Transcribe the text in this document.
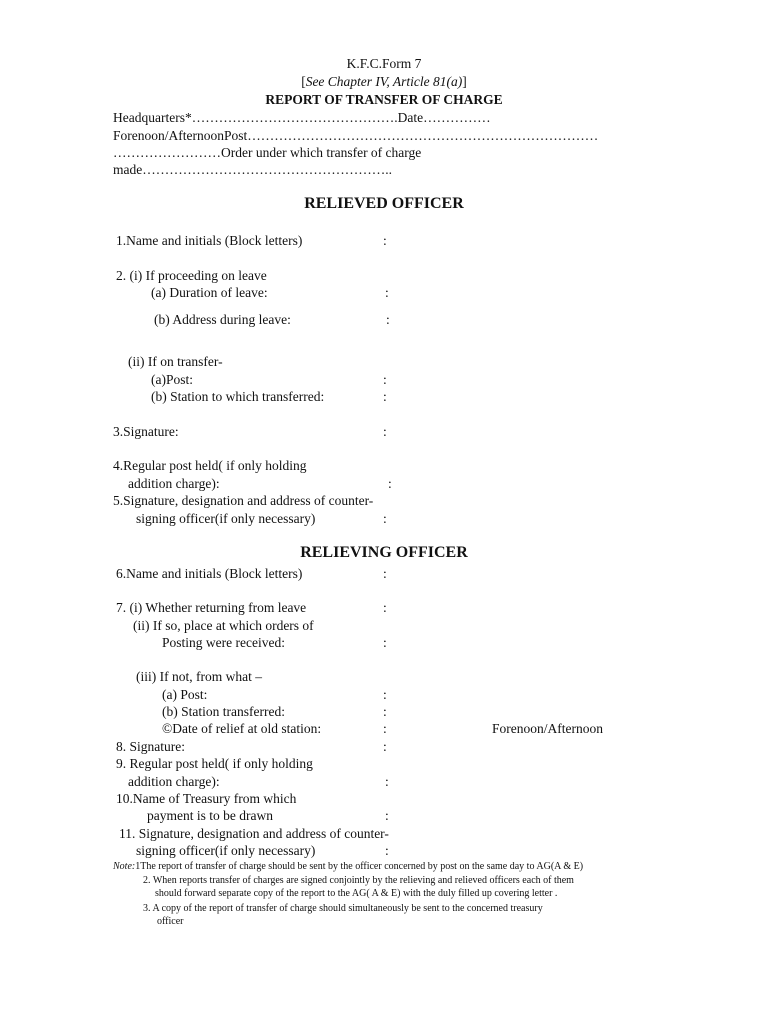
K.F.C.Form 7
[See Chapter IV, Article 81(a)]
REPORT OF TRANSFER OF CHARGE
Headquarters*……………………………………….Date……………
Forenoon/AfternoonPost……………………………………………………………………
……………………Order under which transfer of charge
made………………………………………………..
RELIEVED OFFICER
1.Name and initials (Block letters)	:
2. (i) If proceeding on leave
(a) Duration of leave:	:
(b) Address during leave:	:
(ii) If on transfer-
(a)Post:	:
(b) Station to which transferred:	:
3.Signature:	:
4.Regular post held( if only holding
addition charge):	:
5.Signature, designation and address of counter-
signing officer(if only necessary)	:
RELIEVING OFFICER
6.Name and initials (Block letters)	:
7. (i) Whether returning from leave	:
(ii) If so, place at which orders of
Posting were received:	:
(iii) If not, from what –
(a) Post:	:
(b) Station transferred:	:
©Date of relief at old station:	:	Forenoon/Afternoon
8. Signature:	:
9. Regular post held( if only holding
addition charge):	:
10.Name of Treasury from which
payment is to be drawn	:
11. Signature, designation and address of counter-
signing officer(if only necessary)	:
Note:1The report of transfer of charge should be sent by the officer concerned by post on the same day to AG(A & E)
2. When reports transfer of charges are signed conjointly by the relieving and relieved officers each of them
should forward separate copy of the report to the AG( A & E) with the duly filled up covering letter .
3. A copy of the report of transfer of charge should simultaneously be sent to the concerned treasury
officer
